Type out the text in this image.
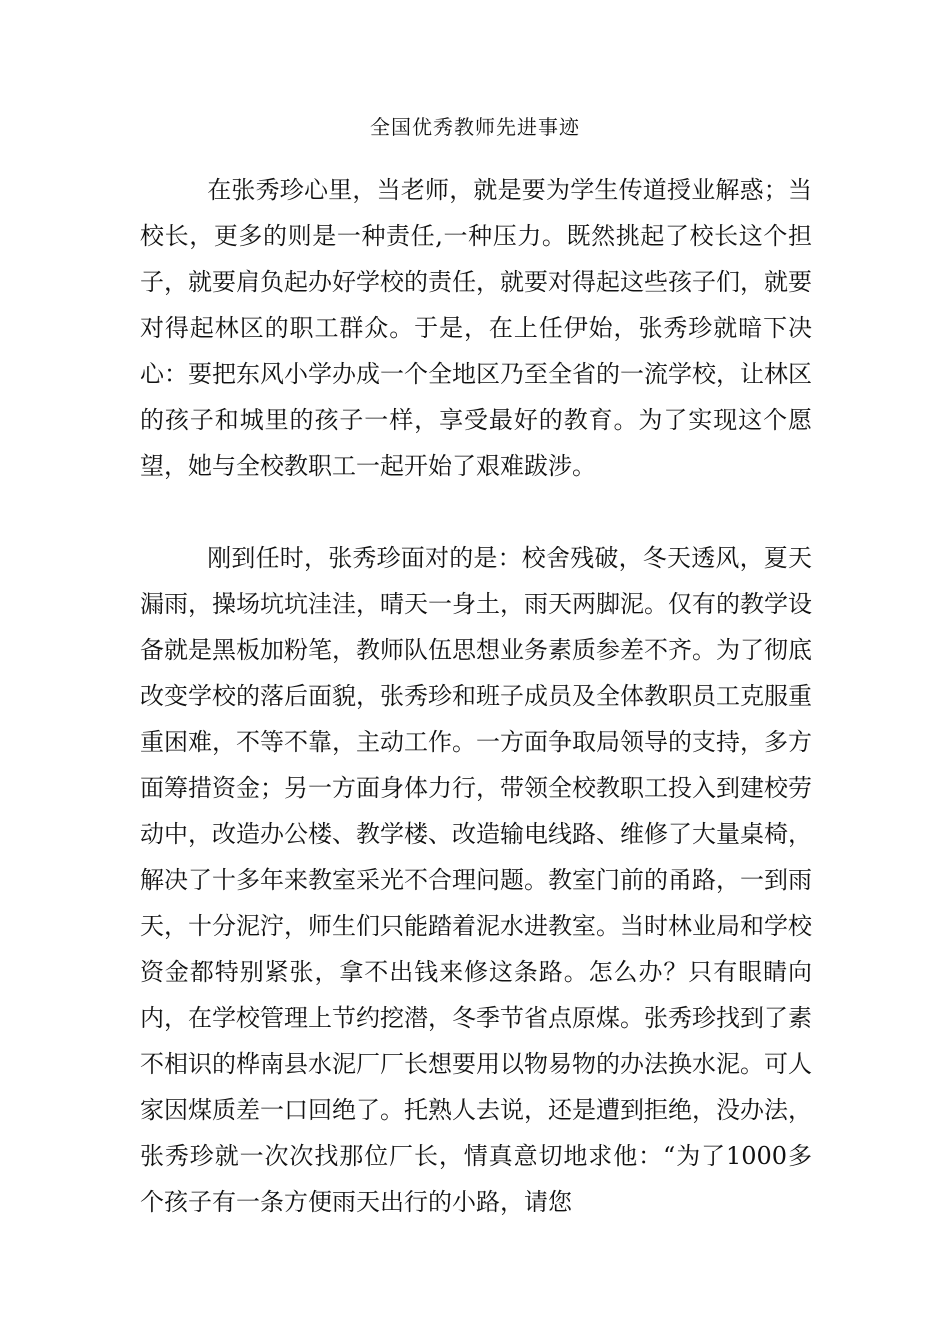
全国优秀教师先进事迹

在张秀珍心里，当老师，就是要为学生传道授业解惑；当校长，更多的则是一种责任,一种压力。既然挑起了校长这个担子，就要肩负起办好学校的责任，就要对得起这些孩子们，就要对得起林区的职工群众。于是，在上任伊始，张秀珍就暗下决心：要把东风小学办成一个全地区乃至全省的一流学校，让林区的孩子和城里的孩子一样，享受最好的教育。为了实现这个愿望，她与全校教职工一起开始了艰难跋涉。

刚到任时，张秀珍面对的是：校舍残破，冬天透风，夏天漏雨，操场坑坑洼洼，晴天一身土，雨天两脚泥。仅有的教学设备就是黑板加粉笔，教师队伍思想业务素质参差不齐。为了彻底改变学校的落后面貌，张秀珍和班子成员及全体教职员工克服重重困难，不等不靠，主动工作。一方面争取局领导的支持，多方面筹措资金；另一方面身体力行，带领全校教职工投入到建校劳动中，改造办公楼、教学楼、改造输电线路、维修了大量桌椅，解决了十多年来教室采光不合理问题。教室门前的甬路，一到雨天，十分泥泞，师生们只能踏着泥水进教室。当时林业局和学校资金都特别紧张，拿不出钱来修这条路。怎么办？只有眼睛向内，在学校管理上节约挖潜，冬季节省点原煤。张秀珍找到了素不相识的桦南县水泥厂厂长想要用以物易物的办法换水泥。可人家因煤质差一口回绝了。托熟人去说，还是遭到拒绝，没办法，张秀珍就一次次找那位厂长，情真意切地求他：“为了1000多个孩子有一条方便雨天出行的小路，请您
